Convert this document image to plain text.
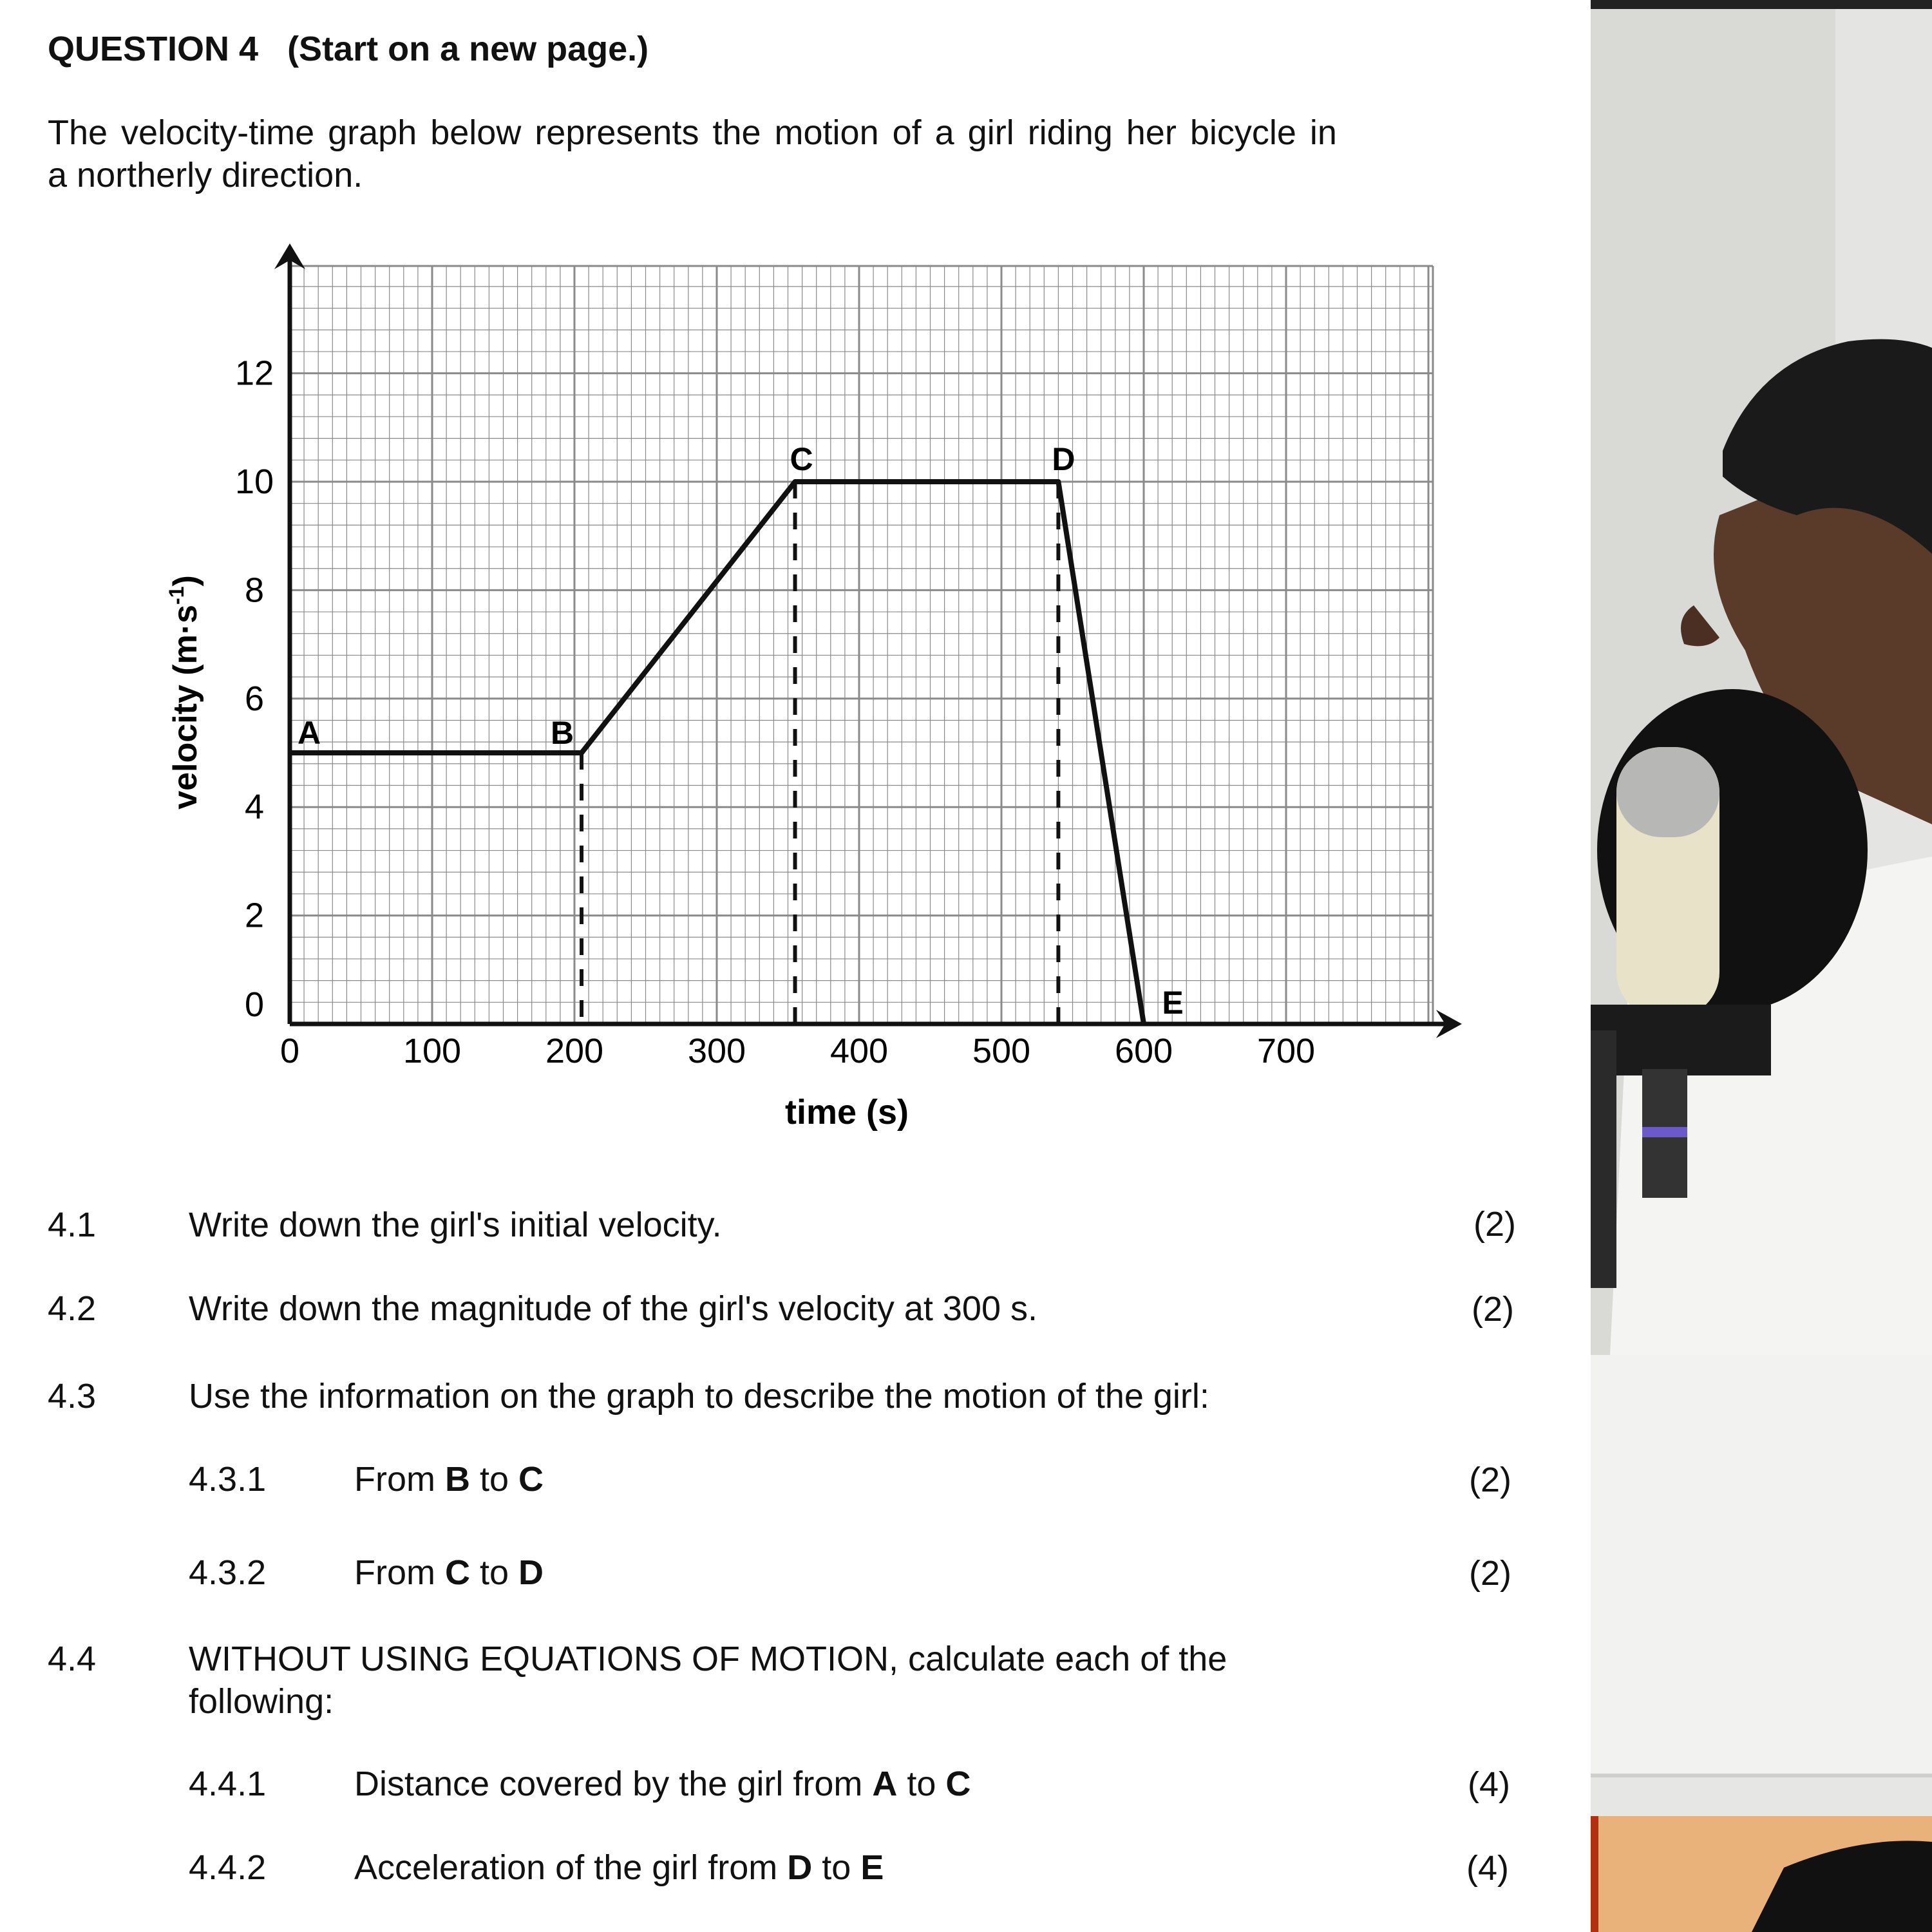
QUESTION 4 (Start on a new page.)
The velocity-time graph below represents the motion of a girl riding her bicycle in
a northerly direction.
0	100 200 300 400 500 600 700
0
2
4
6
8
10
12
A	B
C	D
E
time (s)
velocity $(m\cdot s^{-1})$
4.1	Write down the girl's initial velocity.	(2)
4.2	Write down the magnitude of the girl's velocity at 300 s.	(2)
4.3	Use the information on the graph to describe the motion of the girl:
4.3.1	From B to C	(2)
4.3.2	From C to D	(2)
4.4	WITHOUT USING EQUATIONS OF MOTION, calculate each of the
following:
4.4.1	Distance covered by the girl from A to C	(4)
4.4.2	Acceleration of the girl from D to E	(4)
